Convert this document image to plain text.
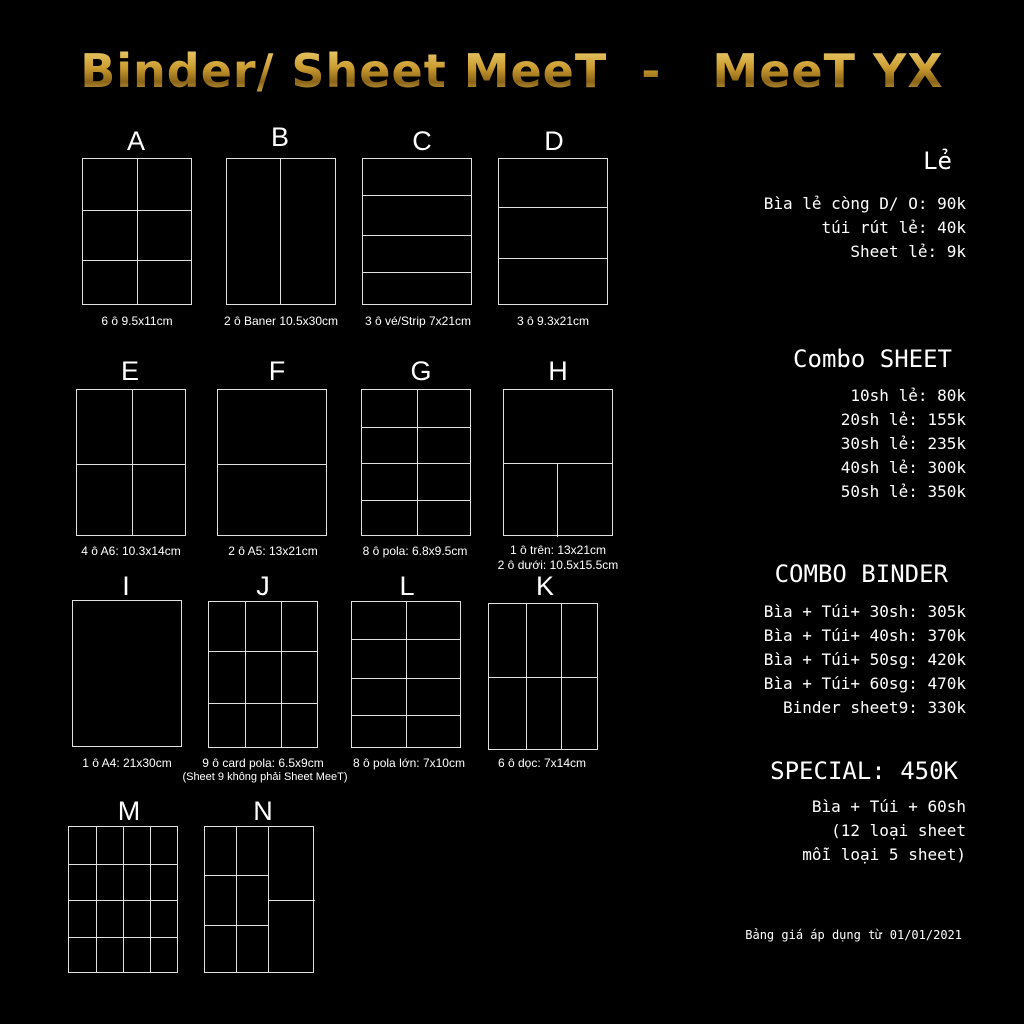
Binder/ Sheet MeeT  -   MeeT YX
A
6 ô 9.5x11cm
B
2 ô Baner 10.5x30cm
C
3 ô vé/Strip 7x21cm
D
3 ô 9.3x21cm
E
4 ô A6: 10.3x14cm
F
2 ô A5: 13x21cm
G
8 ô pola: 6.8x9.5cm
H
1 ô trên: 13x21cm
2 ô dưới: 10.5x15.5cm
I
1 ô A4: 21x30cm
J
9 ô card pola: 6.5x9cm
(Sheet 9 không phải Sheet MeeT)
L
8 ô pola lớn: 7x10cm
K
6 ô dọc: 7x14cm
M	N
Lẻ
Bìa lẻ còng D/ O: 90k
túi rút lẻ: 40k
Sheet lẻ: 9k
Combo SHEET
10sh lẻ: 80k
20sh lẻ: 155k
30sh lẻ: 235k
40sh lẻ: 300k
50sh lẻ: 350k
COMBO BINDER
Bìa + Túi+ 30sh: 305k
Bìa + Túi+ 40sh: 370k
Bìa + Túi+ 50sg: 420k
Bìa + Túi+ 60sg: 470k
Binder sheet9: 330k
SPECIAL: 450K
Bìa + Túi + 60sh
(12 loại sheet
mỗi loại 5 sheet)
Bảng giá áp dụng từ 01/01/2021
